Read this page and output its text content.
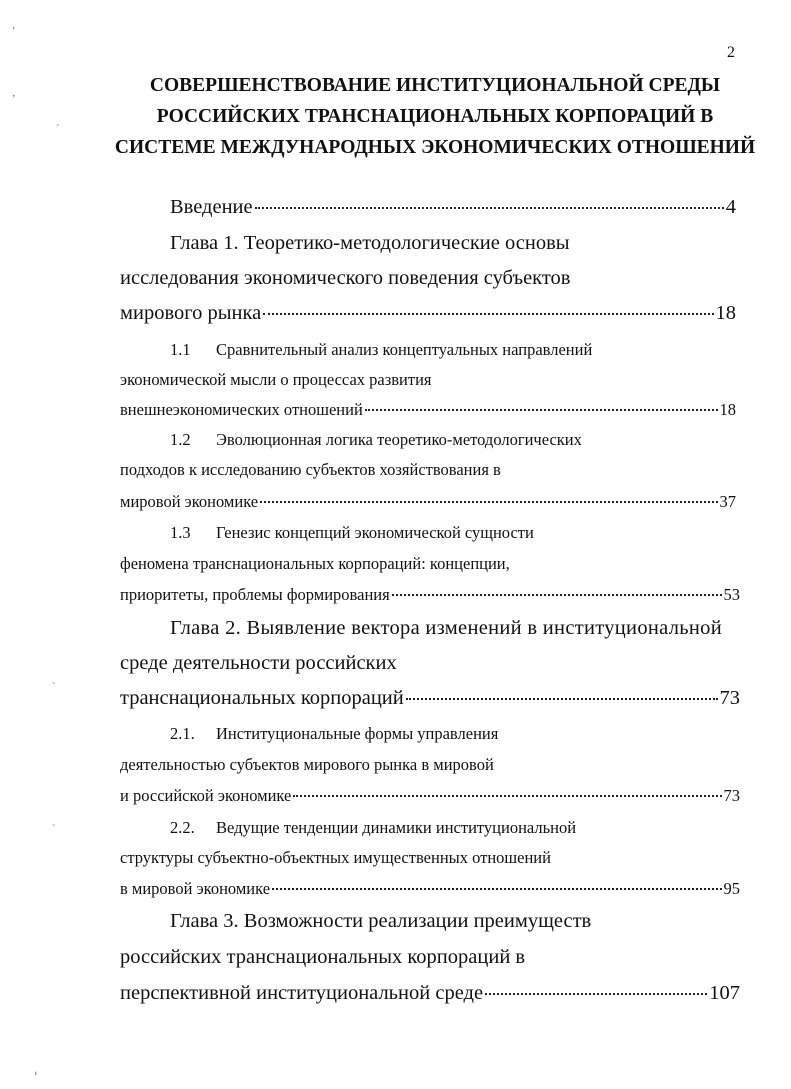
2
СОВЕРШЕНСТВОВАНИЕ ИНСТИТУЦИОНАЛЬНОЙ СРЕДЫ
РОССИЙСКИХ ТРАНСНАЦИОНАЛЬНЫХ КОРПОРАЦИЙ В
СИСТЕМЕ МЕЖДУНАРОДНЫХ ЭКОНОМИЧЕСКИХ ОТНОШЕНИЙ
Введение	4
Глава 1. Теоретико-методологические основы
исследования экономического поведения субъектов
мирового рынка	18
1.1 Сравнительный анализ концептуальных направлений
экономической мысли о процессах развития
внешнеэкономических отношений	18
1.2 Эволюционная логика теоретико-методологических
подходов к исследованию субъектов хозяйствования в
мировой экономике	37
1.3 Генезис концепций экономической сущности
феномена транснациональных корпораций: концепции,
приоритеты, проблемы формирования	53
Глава 2. Выявление вектора изменений в институциональной
среде деятельности российских
транснациональных корпораций	73
2.1. Институциональные формы управления
деятельностью субъектов мирового рынка в мировой
и российской экономике	73
2.2. Ведущие тенденции динамики институциональной
структуры субъектно-объектных имущественных отношений
в мировой экономике	95
Глава 3. Возможности реализации преимуществ
российских транснациональных корпораций в
перспективной институциональной среде	107
ʼ
ʼ
ˋ
ˋ
ˋ
›
